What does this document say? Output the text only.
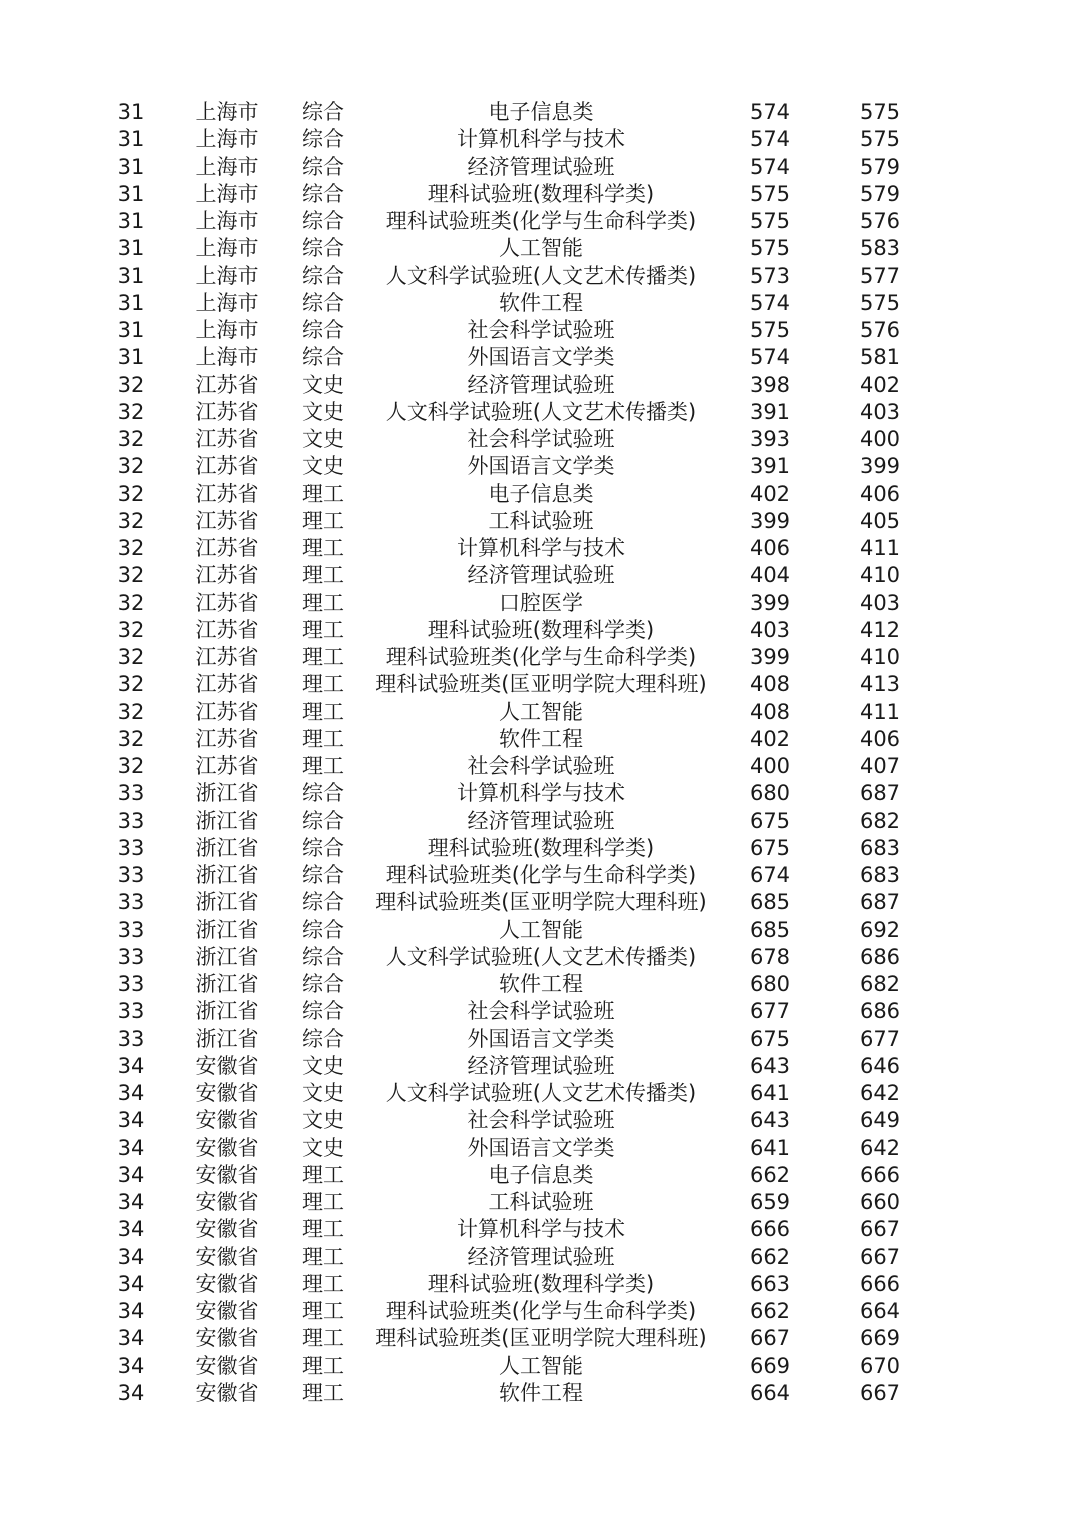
31	上海市	综合	电子信息类	574	575
31	上海市	综合	计算机科学与技术	574	575
31	上海市	综合	经济管理试验班	574	579
31	上海市	综合	理科试验班(数理科学类)	575	579
31	上海市	综合	理科试验班类(化学与生命科学类)	575	576
31	上海市	综合	人工智能	575	583
31	上海市	综合	人文科学试验班(人文艺术传播类)	573	577
31	上海市	综合	软件工程	574	575
31	上海市	综合	社会科学试验班	575	576
31	上海市	综合	外国语言文学类	574	581
32	江苏省	文史	经济管理试验班	398	402
32	江苏省	文史	人文科学试验班(人文艺术传播类)	391	403
32	江苏省	文史	社会科学试验班	393	400
32	江苏省	文史	外国语言文学类	391	399
32	江苏省	理工	电子信息类	402	406
32	江苏省	理工	工科试验班	399	405
32	江苏省	理工	计算机科学与技术	406	411
32	江苏省	理工	经济管理试验班	404	410
32	江苏省	理工	口腔医学	399	403
32	江苏省	理工	理科试验班(数理科学类)	403	412
32	江苏省	理工	理科试验班类(化学与生命科学类)	399	410
32	江苏省	理工	理科试验班类(匡亚明学院大理科班)	408	413
32	江苏省	理工	人工智能	408	411
32	江苏省	理工	软件工程	402	406
32	江苏省	理工	社会科学试验班	400	407
33	浙江省	综合	计算机科学与技术	680	687
33	浙江省	综合	经济管理试验班	675	682
33	浙江省	综合	理科试验班(数理科学类)	675	683
33	浙江省	综合	理科试验班类(化学与生命科学类)	674	683
33	浙江省	综合	理科试验班类(匡亚明学院大理科班)	685	687
33	浙江省	综合	人工智能	685	692
33	浙江省	综合	人文科学试验班(人文艺术传播类)	678	686
33	浙江省	综合	软件工程	680	682
33	浙江省	综合	社会科学试验班	677	686
33	浙江省	综合	外国语言文学类	675	677
34	安徽省	文史	经济管理试验班	643	646
34	安徽省	文史	人文科学试验班(人文艺术传播类)	641	642
34	安徽省	文史	社会科学试验班	643	649
34	安徽省	文史	外国语言文学类	641	642
34	安徽省	理工	电子信息类	662	666
34	安徽省	理工	工科试验班	659	660
34	安徽省	理工	计算机科学与技术	666	667
34	安徽省	理工	经济管理试验班	662	667
34	安徽省	理工	理科试验班(数理科学类)	663	666
34	安徽省	理工	理科试验班类(化学与生命科学类)	662	664
34	安徽省	理工	理科试验班类(匡亚明学院大理科班)	667	669
34	安徽省	理工	人工智能	669	670
34	安徽省	理工	软件工程	664	667
